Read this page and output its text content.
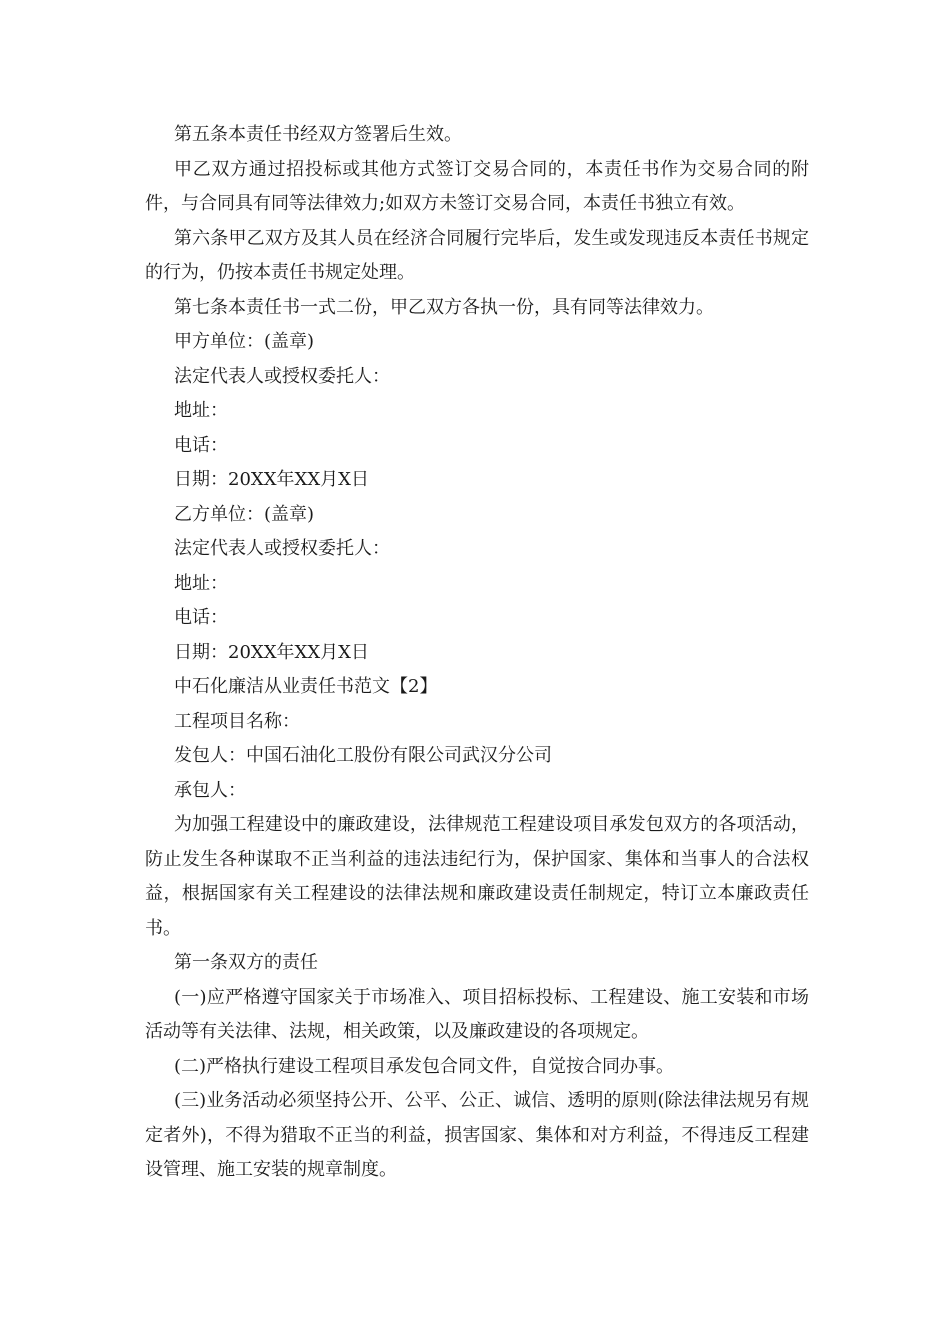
第五条本责任书经双方签署后生效。

甲乙双方通过招投标或其他方式签订交易合同的，本责任书作为交易合同的附件，与合同具有同等法律效力;如双方未签订交易合同，本责任书独立有效。

第六条甲乙双方及其人员在经济合同履行完毕后，发生或发现违反本责任书规定的行为，仍按本责任书规定处理。

第七条本责任书一式二份，甲乙双方各执一份，具有同等法律效力。

甲方单位：(盖章)

法定代表人或授权委托人：

地址：

电话：

日期：20XX年XX月X日

乙方单位：(盖章)

法定代表人或授权委托人：

地址：

电话：

日期：20XX年XX月X日

中石化廉洁从业责任书范文【2】

工程项目名称：

发包人：中国石油化工股份有限公司武汉分公司

承包人：

为加强工程建设中的廉政建设，法律规范工程建设项目承发包双方的各项活动，防止发生各种谋取不正当利益的违法违纪行为，保护国家、集体和当事人的合法权益，根据国家有关工程建设的法律法规和廉政建设责任制规定，特订立本廉政责任书。

第一条双方的责任

(一)应严格遵守国家关于市场准入、项目招标投标、工程建设、施工安装和市场活动等有关法律、法规，相关政策，以及廉政建设的各项规定。

(二)严格执行建设工程项目承发包合同文件，自觉按合同办事。

(三)业务活动必须坚持公开、公平、公正、诚信、透明的原则(除法律法规另有规定者外)，不得为猎取不正当的利益，损害国家、集体和对方利益，不得违反工程建设管理、施工安装的规章制度。
